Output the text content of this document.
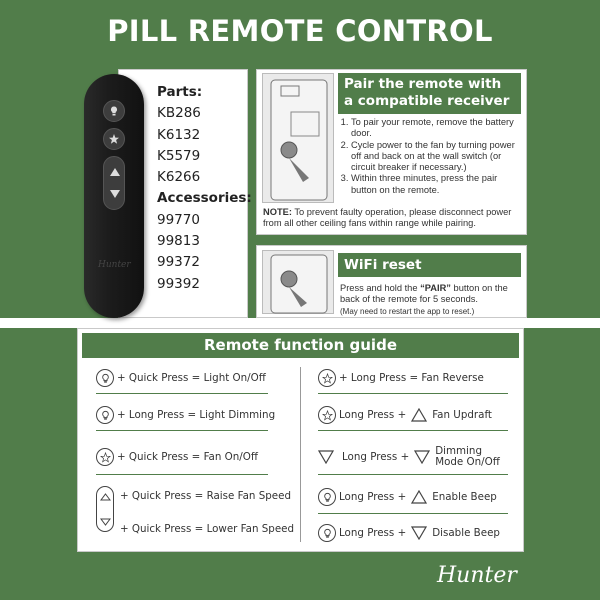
PILL REMOTE CONTROL
Hunter
Parts:
KB286
K6132
K5579
K6266
Accessories:
99770
99813
99372
99392
Pair the remote with
a compatible receiver
1. To pair your remote, remove the battery door.
2. Cycle power to the fan by turning power off and back on at the wall switch (or circuit breaker if necessary.)
3. Within three minutes, press the pair button on the remote.
NOTE: To prevent faulty operation, please disconnect power from all other ceiling fans within range while pairing.
WiFi reset
Press and hold the “PAIR” button on the back of the remote for 5 seconds.
(May need to restart the app to reset.)
Remote function guide
+ Quick Press = Light On/Off
+ Long Press = Light Dimming
+ Quick Press = Fan On/Off
+ Quick Press = Raise Fan Speed
+ Quick Press = Lower Fan Speed
+ Long Press = Fan Reverse
Long Press +	Fan Updraft
Long Press +	Dimming Mode On/Off
Long Press +	Enable Beep
Long Press +	Disable Beep
Hunter
